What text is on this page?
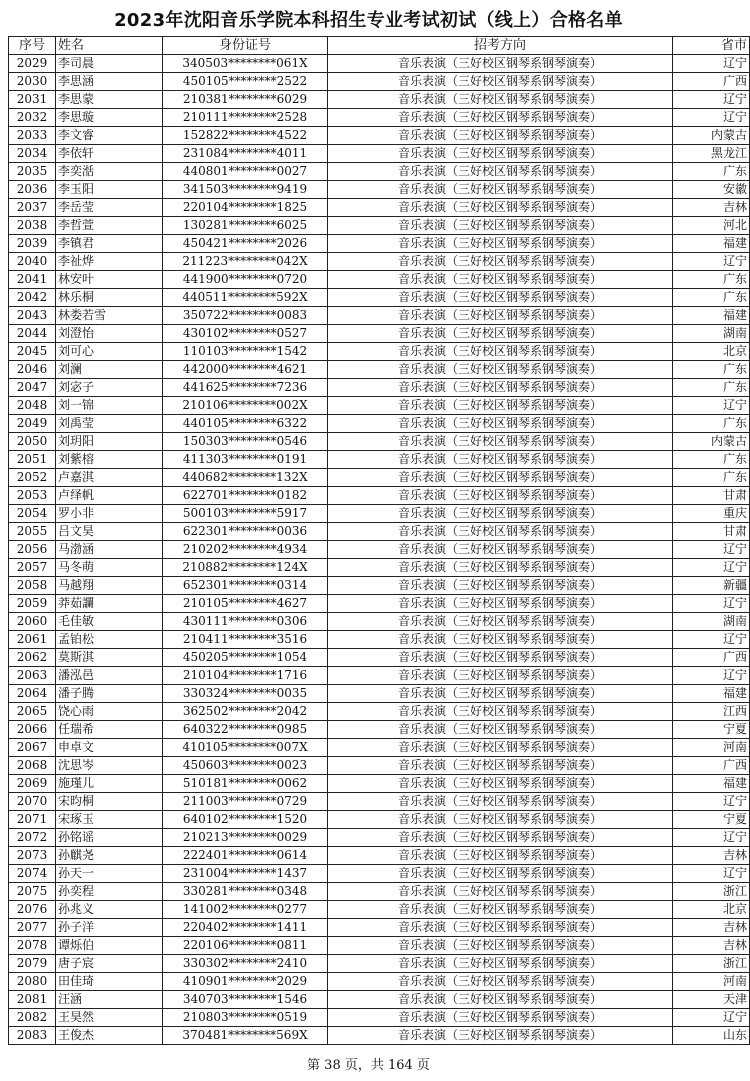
2023年沈阳音乐学院本科招生专业考试初试（线上）合格名单
序号	姓名	身份证号	招考方向	省市
2029	李司晨	340503********061X	音乐表演（三好校区钢琴系钢琴演奏）	辽宁
2030	李思涵	450105********2522	音乐表演（三好校区钢琴系钢琴演奏）	广西
2031	李思蒙	210381********6029	音乐表演（三好校区钢琴系钢琴演奏）	辽宁
2032	李思璇	210111********2528	音乐表演（三好校区钢琴系钢琴演奏）	辽宁
2033	李文睿	152822********4522	音乐表演（三好校区钢琴系钢琴演奏）	内蒙古
2034	李依轩	231084********4011	音乐表演（三好校区钢琴系钢琴演奏）	黑龙江
2035	李奕湉	440801********0027	音乐表演（三好校区钢琴系钢琴演奏）	广东
2036	李玉阳	341503********9419	音乐表演（三好校区钢琴系钢琴演奏）	安徽
2037	李岳莹	220104********1825	音乐表演（三好校区钢琴系钢琴演奏）	吉林
2038	李哲萱	130281********6025	音乐表演（三好校区钢琴系钢琴演奏）	河北
2039	李镇君	450421********2026	音乐表演（三好校区钢琴系钢琴演奏）	福建
2040	李祉烨	211223********042X	音乐表演（三好校区钢琴系钢琴演奏）	辽宁
2041	林安叶	441900********0720	音乐表演（三好校区钢琴系钢琴演奏）	广东
2042	林乐桐	440511********592X	音乐表演（三好校区钢琴系钢琴演奏）	广东
2043	林娄若雪	350722********0083	音乐表演（三好校区钢琴系钢琴演奏）	福建
2044	刘澄怡	430102********0527	音乐表演（三好校区钢琴系钢琴演奏）	湖南
2045	刘可心	110103********1542	音乐表演（三好校区钢琴系钢琴演奏）	北京
2046	刘澜	442000********4621	音乐表演（三好校区钢琴系钢琴演奏）	广东
2047	刘宓子	441625********7236	音乐表演（三好校区钢琴系钢琴演奏）	广东
2048	刘一锦	210106********002X	音乐表演（三好校区钢琴系钢琴演奏）	辽宁
2049	刘禹莹	440105********6322	音乐表演（三好校区钢琴系钢琴演奏）	广东
2050	刘玥阳	150303********0546	音乐表演（三好校区钢琴系钢琴演奏）	内蒙古
2051	刘紫榕	411303********0191	音乐表演（三好校区钢琴系钢琴演奏）	广东
2052	卢嘉淇	440682********132X	音乐表演（三好校区钢琴系钢琴演奏）	广东
2053	卢绎帆	622701********0182	音乐表演（三好校区钢琴系钢琴演奏）	甘肃
2054	罗小非	500103********5917	音乐表演（三好校区钢琴系钢琴演奏）	重庆
2055	吕文昊	622301********0036	音乐表演（三好校区钢琴系钢琴演奏）	甘肃
2056	马渤涵	210202********4934	音乐表演（三好校区钢琴系钢琴演奏）	辽宁
2057	马冬萌	210882********124X	音乐表演（三好校区钢琴系钢琴演奏）	辽宁
2058	马越翔	652301********0314	音乐表演（三好校区钢琴系钢琴演奏）	新疆
2059	莽茹讕	210105********4627	音乐表演（三好校区钢琴系钢琴演奏）	辽宁
2060	毛佳敏	430111********0306	音乐表演（三好校区钢琴系钢琴演奏）	湖南
2061	孟铂松	210411********3516	音乐表演（三好校区钢琴系钢琴演奏）	辽宁
2062	莫斯淇	450205********1054	音乐表演（三好校区钢琴系钢琴演奏）	广西
2063	潘泓邑	210104********1716	音乐表演（三好校区钢琴系钢琴演奏）	辽宁
2064	潘子腾	330324********0035	音乐表演（三好校区钢琴系钢琴演奏）	福建
2065	饶心雨	362502********2042	音乐表演（三好校区钢琴系钢琴演奏）	江西
2066	任瑞希	640322********0985	音乐表演（三好校区钢琴系钢琴演奏）	宁夏
2067	申卓文	410105********007X	音乐表演（三好校区钢琴系钢琴演奏）	河南
2068	沈思岑	450603********0023	音乐表演（三好校区钢琴系钢琴演奏）	广西
2069	施瑾儿	510181********0062	音乐表演（三好校区钢琴系钢琴演奏）	福建
2070	宋昀桐	211003********0729	音乐表演（三好校区钢琴系钢琴演奏）	辽宁
2071	宋琢玉	640102********1520	音乐表演（三好校区钢琴系钢琴演奏）	宁夏
2072	孙铭谣	210213********0029	音乐表演（三好校区钢琴系钢琴演奏）	辽宁
2073	孙麒尧	222401********0614	音乐表演（三好校区钢琴系钢琴演奏）	吉林
2074	孙天一	231004********1437	音乐表演（三好校区钢琴系钢琴演奏）	辽宁
2075	孙奕程	330281********0348	音乐表演（三好校区钢琴系钢琴演奏）	浙江
2076	孙兆义	141002********0277	音乐表演（三好校区钢琴系钢琴演奏）	北京
2077	孙子洋	220402********1411	音乐表演（三好校区钢琴系钢琴演奏）	吉林
2078	谭烁伯	220106********0811	音乐表演（三好校区钢琴系钢琴演奏）	吉林
2079	唐子宸	330302********2410	音乐表演（三好校区钢琴系钢琴演奏）	浙江
2080	田佳琦	410901********2029	音乐表演（三好校区钢琴系钢琴演奏）	河南
2081	汪涵	340703********1546	音乐表演（三好校区钢琴系钢琴演奏）	天津
2082	王昊然	210803********0519	音乐表演（三好校区钢琴系钢琴演奏）	辽宁
2083	王俊杰	370481********569X	音乐表演（三好校区钢琴系钢琴演奏）	山东
第 38 页，共 164 页
